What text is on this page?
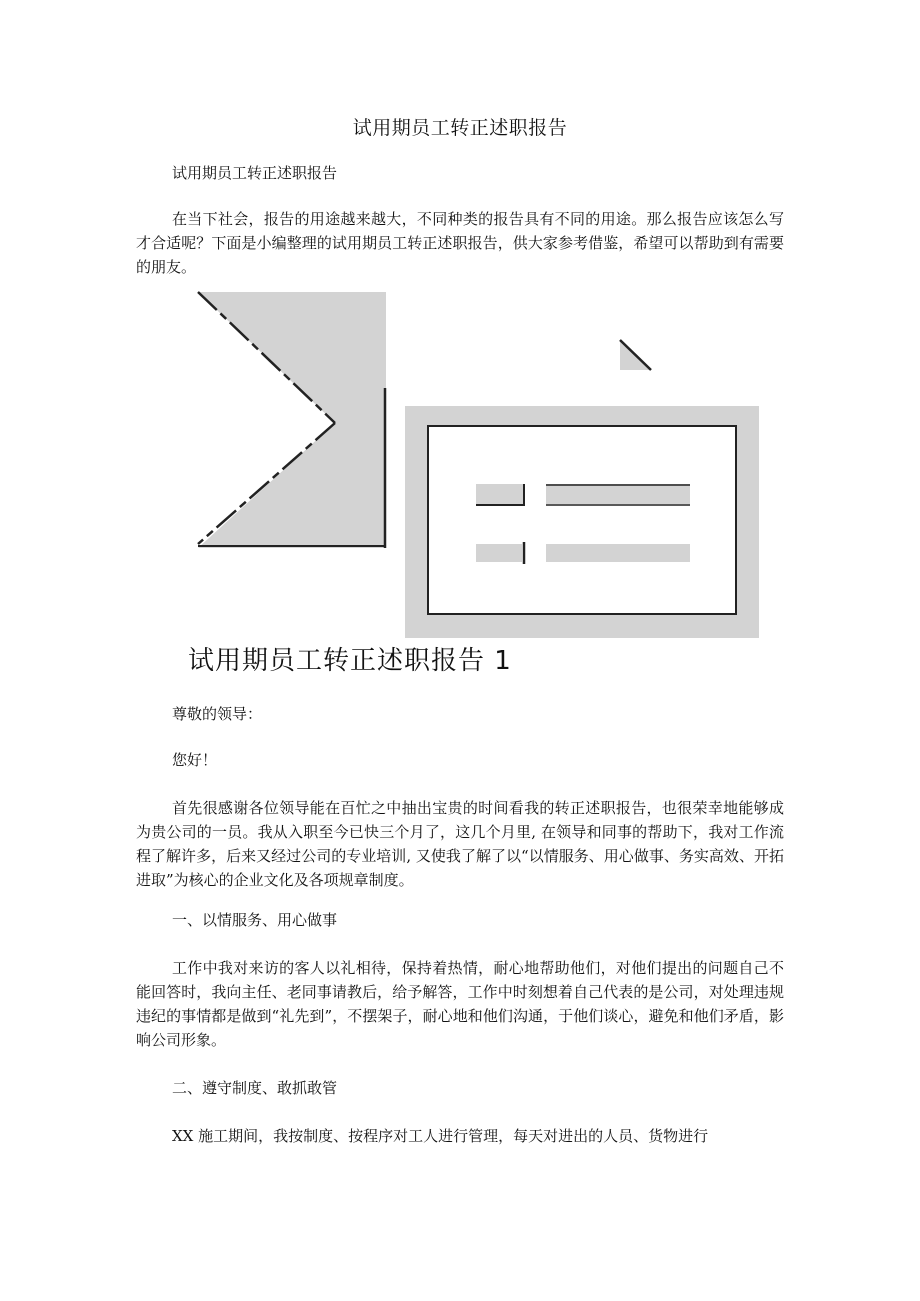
试用期员工转正述职报告

试用期员工转正述职报告

在当下社会，报告的用途越来越大，不同种类的报告具有不同的用途。那么报告应该怎么写才合适呢？下面是小编整理的试用期员工转正述职报告，供大家参考借鉴，希望可以帮助到有需要的朋友。

试用期员工转正述职报告 1

尊敬的领导：

您好！

首先很感谢各位领导能在百忙之中抽出宝贵的时间看我的转正述职报告，也很荣幸地能够成为贵公司的一员。我从入职至今已快三个月了，这几个月里, 在领导和同事的帮助下，我对工作流程了解许多，后来又经过公司的专业培训, 又使我了解了以“以情服务、用心做事、务实高效、开拓进取”为核心的企业文化及各项规章制度。

一、以情服务、用心做事

工作中我对来访的客人以礼相待，保持着热情，耐心地帮助他们，对他们提出的问题自己不能回答时，我向主任、老同事请教后，给予解答，工作中时刻想着自己代表的是公司，对处理违规违纪的事情都是做到“礼先到”，不摆架子，耐心地和他们沟通，于他们谈心，避免和他们矛盾，影响公司形象。

二、遵守制度、敢抓敢管

XX 施工期间，我按制度、按程序对工人进行管理，每天对进出的人员、货物进行
